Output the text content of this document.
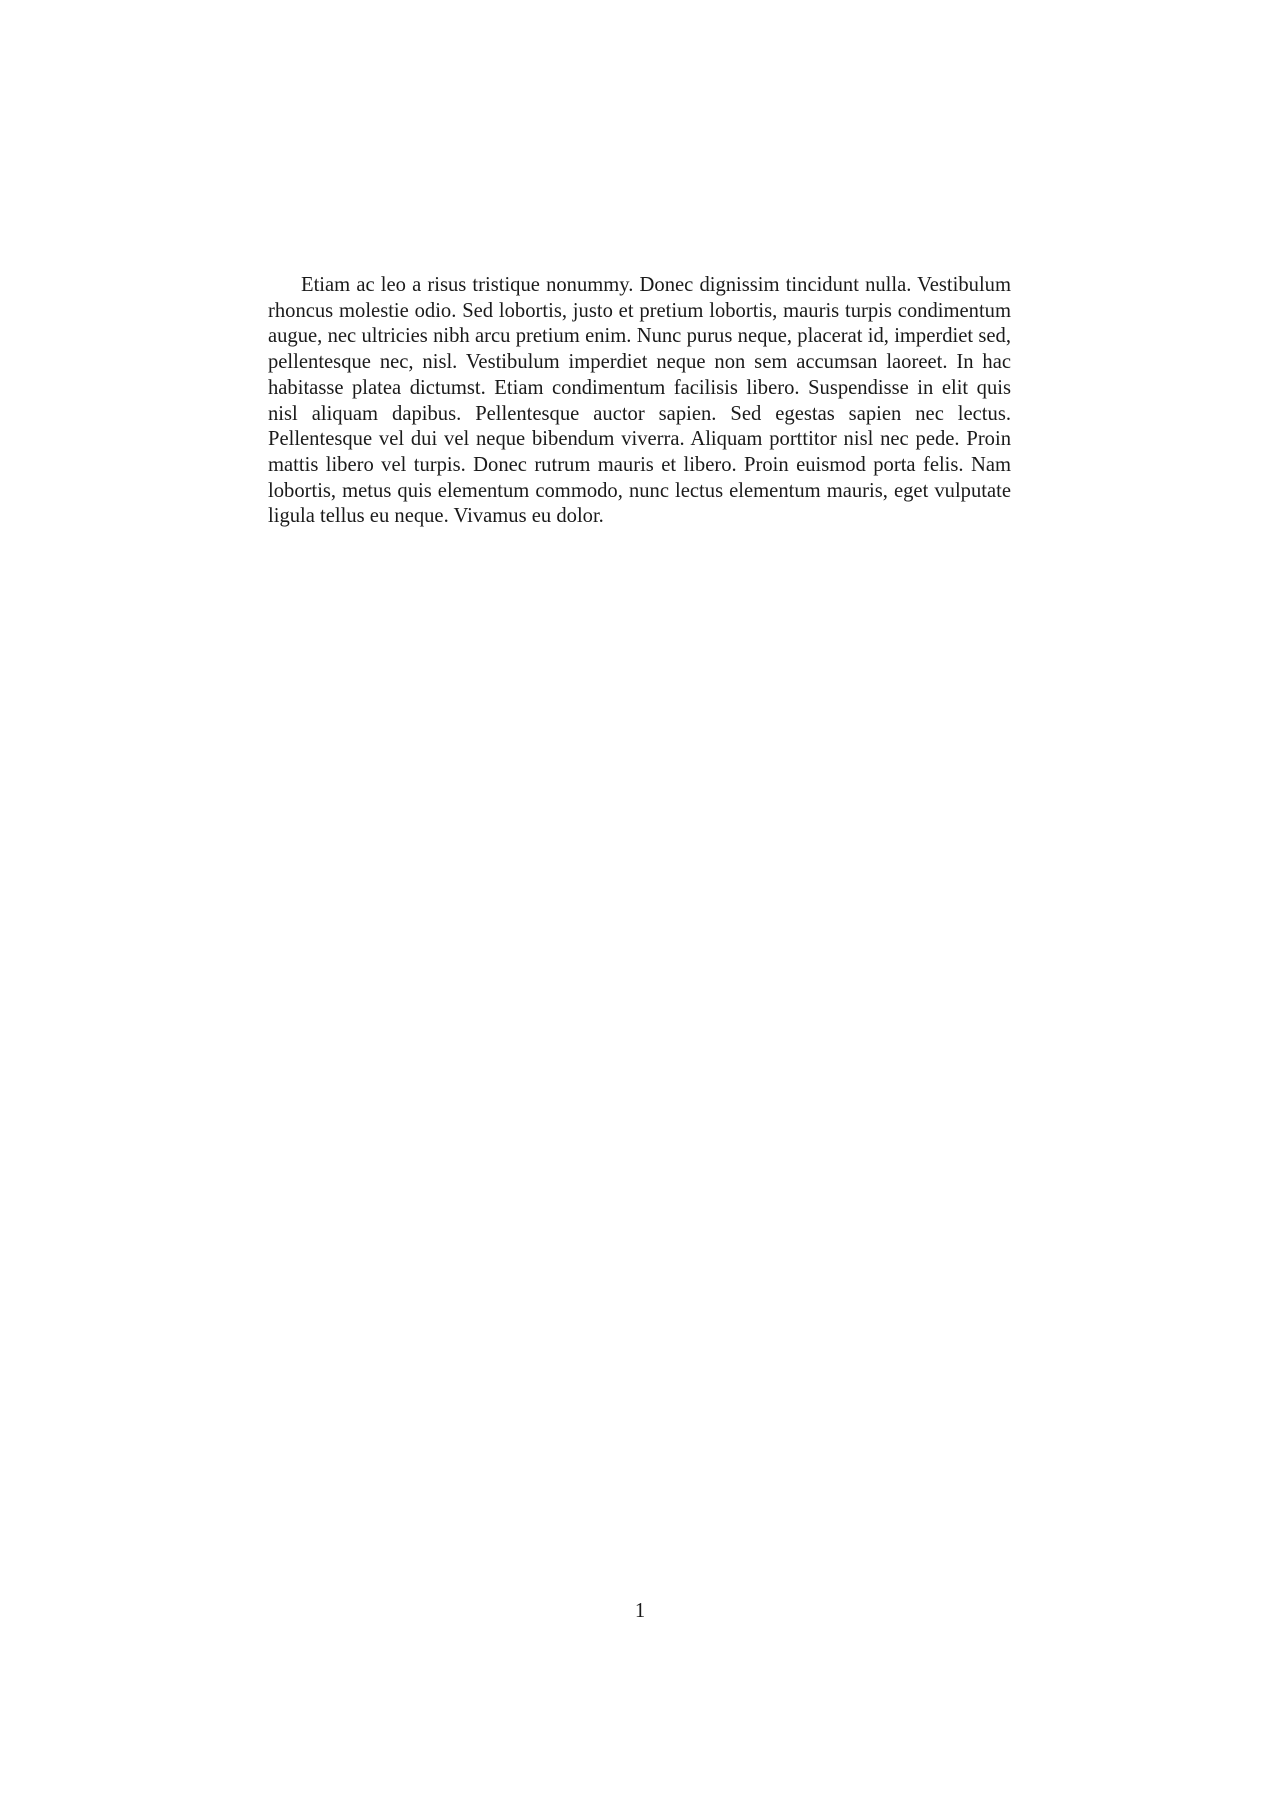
Etiam ac leo a risus tristique nonummy. Donec dignissim tincidunt nulla. Vestibulum rhoncus molestie odio. Sed lobortis, justo et pretium lobortis, mauris turpis condimentum augue, nec ultricies nibh arcu pretium enim. Nunc purus neque, placerat id, imperdiet sed, pellentesque nec, nisl. Vestibulum imperdiet neque non sem accumsan laoreet. In hac habitasse platea dictumst. Etiam condimentum facilisis libero. Suspendisse in elit quis nisl aliquam dapibus. Pellentesque auctor sapien. Sed egestas sapien nec lectus. Pellentesque vel dui vel neque bibendum viverra. Aliquam porttitor nisl nec pede. Proin mattis libero vel turpis. Donec rutrum mauris et libero. Proin euismod porta felis. Nam lobortis, metus quis elementum commodo, nunc lectus elementum mauris, eget vulputate ligula tellus eu neque. Vivamus eu dolor.

1
